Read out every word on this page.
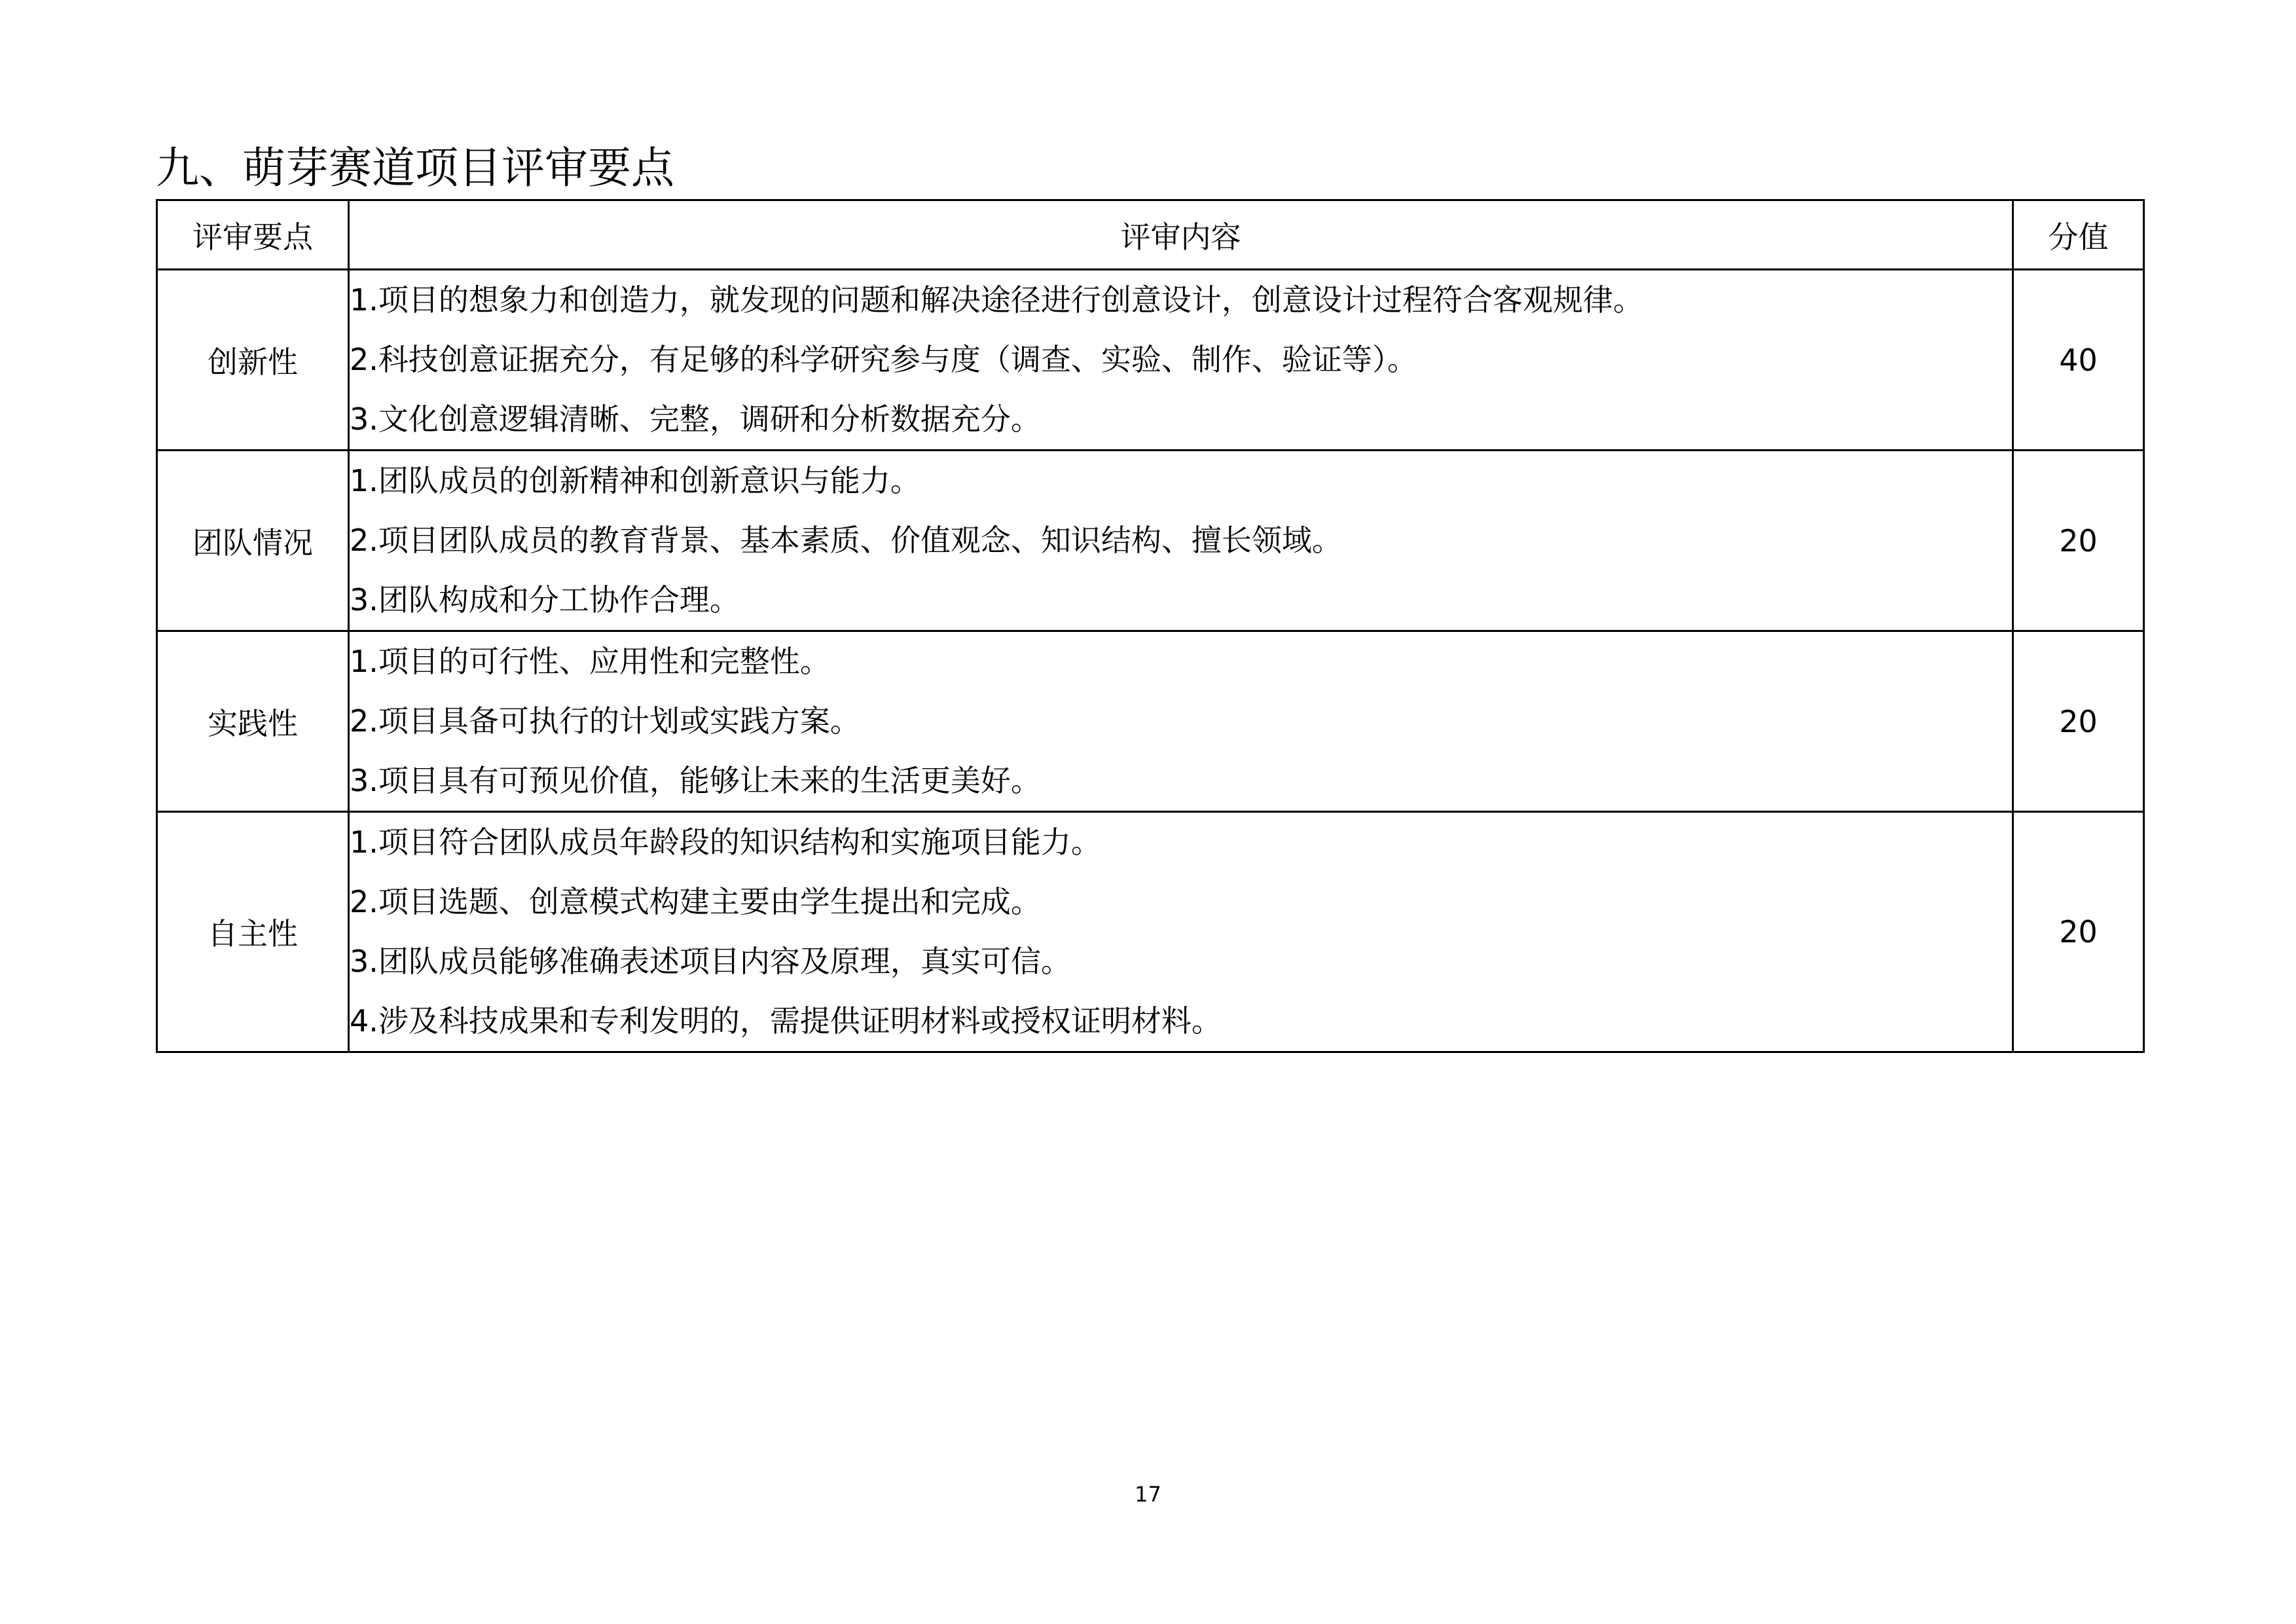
九、萌芽赛道项目评审要点
评审要点	评审内容	分值
创新性	1.项目的想象力和创造力，就发现的问题和解决途径进行创意设计，创意设计过程符合客观规律。
2.科技创意证据充分，有足够的科学研究参与度（调查、实验、制作、验证等）。
3.文化创意逻辑清晰、完整，调研和分析数据充分。	40
团队情况	1.团队成员的创新精神和创新意识与能力。
2.项目团队成员的教育背景、基本素质、价值观念、知识结构、擅长领域。
3.团队构成和分工协作合理。	20
实践性	1.项目的可行性、应用性和完整性。
2.项目具备可执行的计划或实践方案。
3.项目具有可预见价值，能够让未来的生活更美好。	20
自主性	1.项目符合团队成员年龄段的知识结构和实施项目能力。
2.项目选题、创意模式构建主要由学生提出和完成。
3.团队成员能够准确表述项目内容及原理，真实可信。
4.涉及科技成果和专利发明的，需提供证明材料或授权证明材料。	20
17
